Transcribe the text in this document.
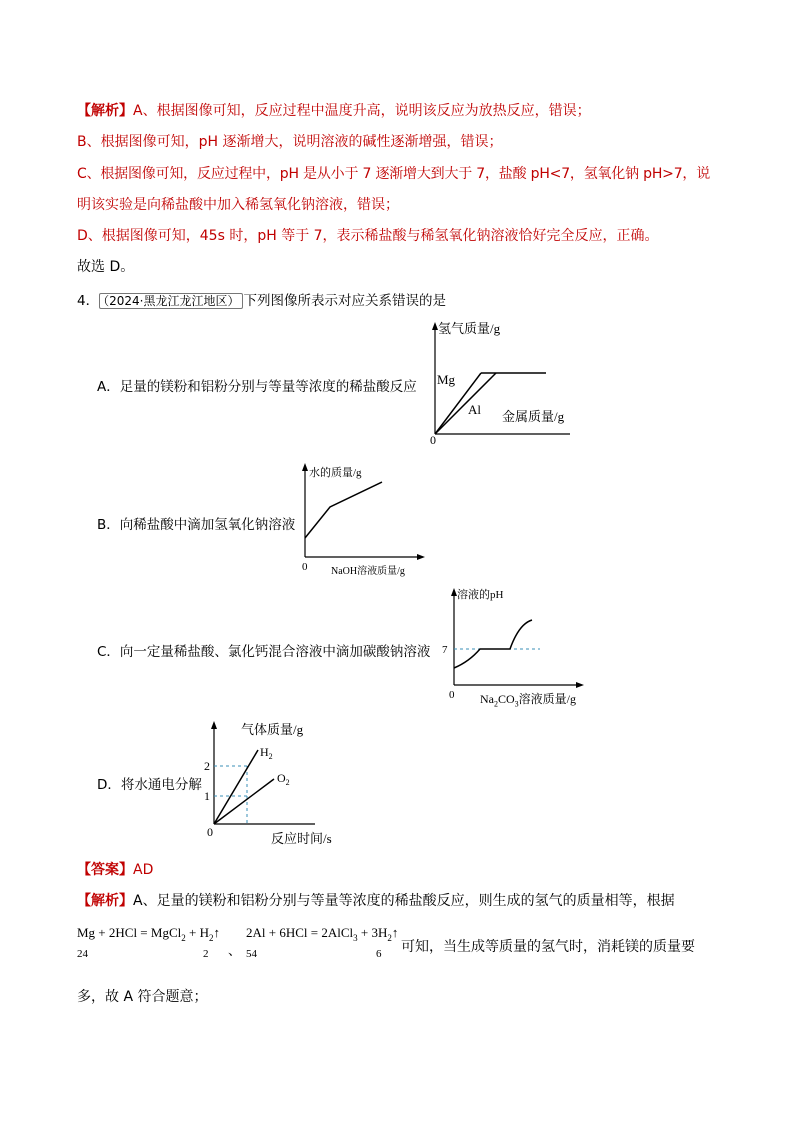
【解析】A、根据图像可知，反应过程中温度升高，说明该反应为放热反应，错误；
B、根据图像可知，pH 逐渐增大，说明溶液的碱性逐渐增强，错误；
C、根据图像可知，反应过程中，pH 是从小于 7 逐渐增大到大于 7，盐酸 pH<7，氢氧化钠 pH>7，说
明该实验是向稀盐酸中加入稀氢氧化钠溶液，错误；
D、根据图像可知，45s 时，pH 等于 7，表示稀盐酸与稀氢氧化钠溶液恰好完全反应，正确。
故选 D。
4． （2024·黑龙江龙江地区） 下列图像所表示对应关系错误的是
A．足量的镁粉和铝粉分别与等量等浓度的稀盐酸反应
氢气质量/g
Mg
Al
0
金属质量/g
B．向稀盐酸中滴加氢氧化钠溶液
水的质量/g
0 NaOH溶液质量/g
C．向一定量稀盐酸、氯化钙混合溶液中滴加碳酸钠溶液
溶液的pH
7
0 $Na_2CO_3$溶液质量/g
D．将水通电分解
2
1
0
$H_2$
$O_2$
气体质量/g
反应时间/s
【答案】AD
【解析】A、足量的镁粉和铝粉分别与等量等浓度的稀盐酸反应，则生成的氢气的质量相等，根据
Mg + 2HCl = MgCl$_2$ + $H_2↑$
24	2 、
2Al + 6HCl = 2AlCl$_3$ + $3H_2↑$
54	6 可知，当生成等质量的氢气时，消耗镁的质量要
多，故 A 符合题意；
